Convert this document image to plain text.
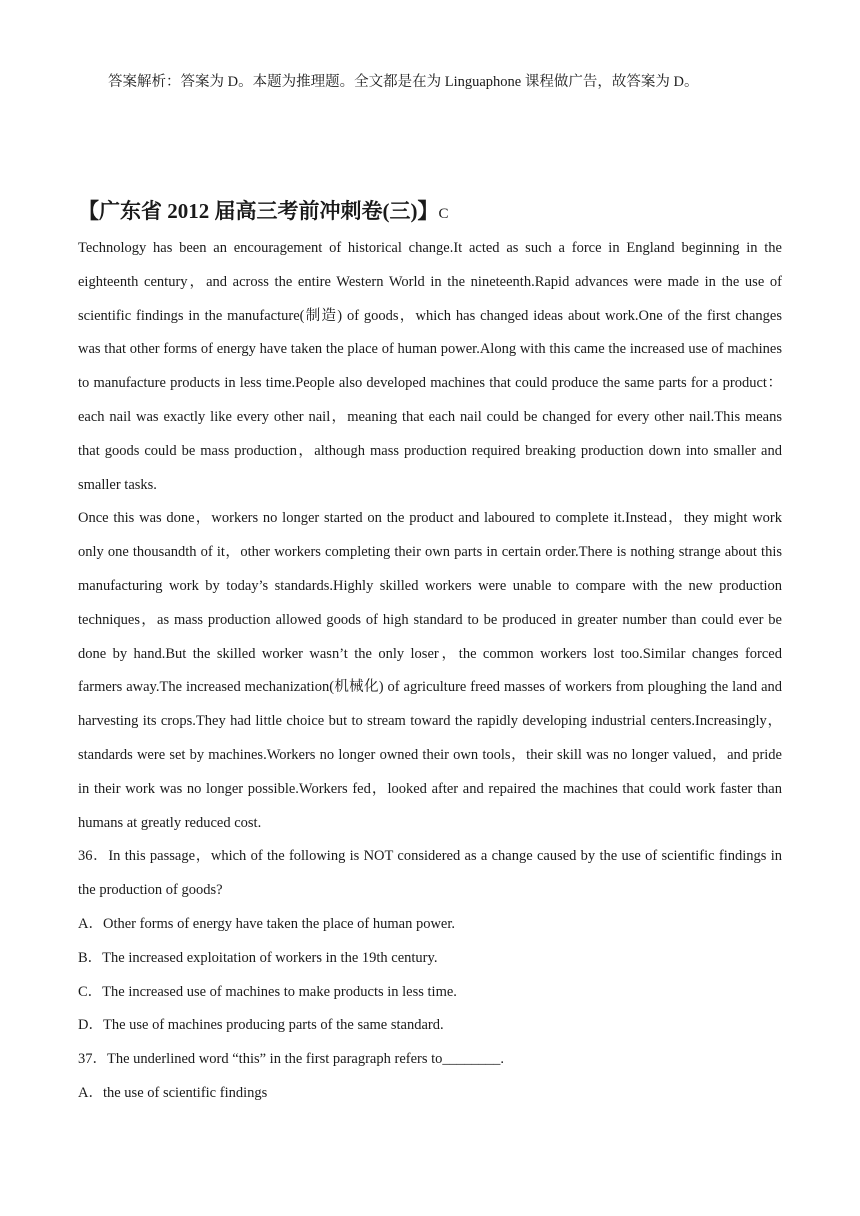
答案解析：答案为 D。本题为推理题。全文都是在为 Linguaphone 课程做广告，故答案为 D。
【广东省 2012 届高三考前冲刺卷(三)】C

Technology has been an encouragement of historical change.It acted as such a force in England beginning in the eighteenth century，and across the entire Western World in the nineteenth.Rapid advances were made in the use of scientific findings in the manufacture(制造) of goods，which has changed ideas about work.One of the first changes was that other forms of energy have taken the place of human power.Along with this came the increased use of machines to manufacture products in less time.People also developed machines that could produce the same parts for a product：each nail was exactly like every other nail，meaning that each nail could be changed for every other nail.This means that goods could be mass production，although mass production required breaking production down into smaller and smaller tasks.

Once this was done，workers no longer started on the product and laboured to complete it.Instead，they might work only one thousandth of it，other workers completing their own parts in certain order.There is nothing strange about this manufacturing work by today’s standards.Highly skilled workers were unable to compare with the new production techniques，as mass production allowed goods of high standard to be produced in greater number than could ever be done by hand.But the skilled worker wasn’t the only loser，the common workers lost too.Similar changes forced farmers away.The increased mechanization(机械化) of agriculture freed masses of workers from ploughing the land and harvesting its crops.They had little choice but to stream toward the rapidly developing industrial centers.Increasingly，standards were set by machines.Workers no longer owned their own tools，their skill was no longer valued，and pride in their work was no longer possible.Workers fed，looked after and repaired the machines that could work faster than humans at greatly reduced cost.

36．In this passage，which of the following is NOT considered as a change caused by the use of scientific findings in the production of goods?

A．Other forms of energy have taken the place of human power.

B．The increased exploitation of workers in the 19th century.

C．The increased use of machines to make products in less time.

D．The use of machines producing parts of the same standard.

37．The underlined word “this” in the first paragraph refers to________.

A．the use of scientific findings
